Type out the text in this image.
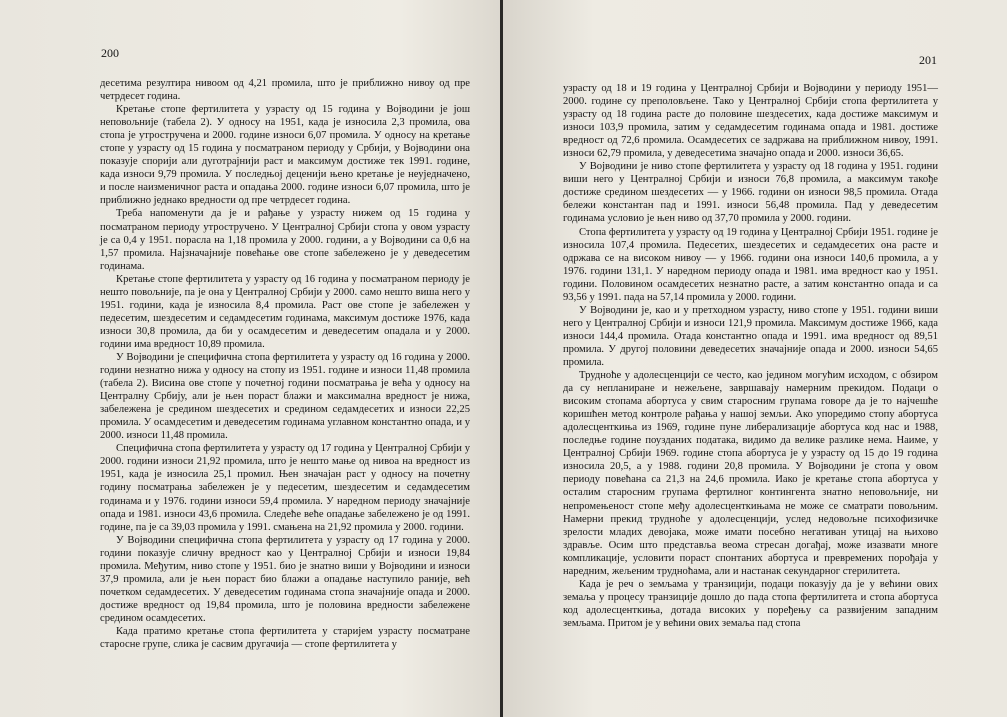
200

десетима резултира нивоом од 4,21 промила, што је приближно нивоу од пре четрдесет година.

Кретање стопе фертилитета у узрасту од 15 година у Војводини је још неповољније (табела 2). У односу на 1951, када је износила 2,3 промила, ова стопа је утростручена и 2000. године износи 6,07 промила. У односу на кретање стопе у узрасту од 15 година у посматраном периоду у Србији, у Војводини она показује спорији али дуготрајнији раст и максимум достиже тек 1991. године, када износи 9,79 промила. У последњој деценији њено кретање је неуједначено, и после наизменичног раста и опадања 2000. године износи 6,07 промила, што је приближно једнако вредности од пре четрдесет година.

Треба напоменути да је и рађање у узрасту нижем од 15 година у посматраном периоду утростручено. У Централној Србији стопа у овом узрасту је са 0,4 у 1951. порасла на 1,18 промила у 2000. години, а у Војводини са 0,6 на 1,57 промила. Најзначајније повећање ове стопе забележено је у деведесетим годинама.

Кретање стопе фертилитета у узрасту од 16 година у посматраном периоду је нешто повољније, па је она у Централној Србији у 2000. само нешто виша него у 1951. години, када је износила 8,4 промила. Раст ове стопе је забележен у педесетим, шездесетим и седамдесетим годинама, максимум достиже 1976, када износи 30,8 промила, да би у осамдесетим и деведесетим опадала и у 2000. години има вредност 10,89 промила.

У Војводини је специфична стопа фертилитета у узрасту од 16 година у 2000. години незнатно нижа у односу на стопу из 1951. године и износи 11,48 промила (табела 2). Висина ове стопе у почетној години посматрања је већа у односу на Централну Србију, али је њен пораст блажи и максимална вредност је нижа, забележена је средином шездесетих и средином седамдесетих и износи 22,25 промила. У осамдесетим и деведесетим годинама углавном константно опада, и у 2000. износи 11,48 промила.

Специфична стопа фертилитета у узрасту од 17 година у Централној Србији у 2000. години износи 21,92 промила, што је нешто мање од нивоа на вредност из 1951, када је износила 25,1 промил. Њен значајан раст у односу на почетну годину посматрања забележен је у педесетим, шездесетим и седамдесетим годинама и у 1976. години износи 59,4 промила. У наредном периоду значајније опада и 1981. износи 43,6 промила. Следеће веће опадање забележено је од 1991. године, па је са 39,03 промила у 1991. смањена на 21,92 промила у 2000. години.

У Војводини специфична стопа фертилитета у узрасту од 17 година у 2000. години показује сличну вредност као у Централној Србији и износи 19,84 промила. Међутим, ниво стопе у 1951. био је знатно виши у Војводини и износи 37,9 промила, али је њен пораст био блажи а опадање наступило раније, већ почетком седамдесетих. У деведесетим годинама стопа значајније опада и 2000. достиже вредност од 19,84 промила, што је половина вредности забележене средином осамдесетих.

Када пратимо кретање стопа фертилитета у старијем узрасту посматране старосне групе, слика је сасвим другачија — стопе фертилитета у

201

узрасту од 18 и 19 година у Централној Србији и Војводини у периоду 1951—2000. године су преполовљене. Тако у Централној Србији стопа фертилитета у узрасту од 18 година расте до половине шездесетих, када достиже максимум и износи 103,9 промила, затим у седамдесетим годинама опада и 1981. достиже вредност од 72,6 промила. Осамдесетих се задржава на приближном нивоу, 1991. износи 62,79 промила, у деведесетима значајно опада и 2000. износи 36,65.

У Војводини је ниво стопе фертилитета у узрасту од 18 година у 1951. години виши него у Централној Србији и износи 76,8 промила, а максимум такође достиже средином шездесетих — у 1966. години он износи 98,5 промила. Отада бележи константан пад и 1991. износи 56,48 промила. Пад у деведесетим годинама условио је њен ниво од 37,70 промила у 2000. години.

Стопа фертилитета у узрасту од 19 година у Централној Србији 1951. године је износила 107,4 промила. Педесетих, шездесетих и седамдесетих она расте и одржава се на високом нивоу — у 1966. години она износи 140,6 промила, а у 1976. години 131,1. У наредном периоду опада и 1981. има вредност као у 1951. години. Половином осамдесетих незнатно расте, а затим константно опада и са 93,56 у 1991. пада на 57,14 промила у 2000. години.

У Војводини је, као и у претходном узрасту, ниво стопе у 1951. години виши него у Централној Србији и износи 121,9 промила. Максимум достиже 1966, када износи 144,4 промила. Отада константно опада и 1991. има вредност од 89,51 промила. У другој половини деведесетих значајније опада и 2000. износи 54,65 промила.

Трудноће у адолесценцији се често, као једином могућим исходом, с обзиром да су непланиране и нежељене, завршавају намерним прекидом. Подаци о високим стопама абортуса у свим старосним групама говоре да је то најчешће коришћен метод контроле рађања у нашој земљи. Ако упоредимо стопу абортуса адолесценткиња из 1969, године пуне либерализације абортуса код нас и 1988, последње године поузданих података, видимо да велике разлике нема. Наиме, у Централној Србији 1969. године стопа абортуса је у узрасту од 15 до 19 година износила 20,5, а у 1988. години 20,8 промила. У Војводини је стопа у овом периоду повећана са 21,3 на 24,6 промила. Иако је кретање стопа абортуса у осталим старосним групама фертилног контингента знатно неповољније, ни непромењеност стопе међу адолесценткињама не може се сматрати повољним. Намерни прекид трудноће у адолесценцији, услед недовољне психофизичке зрелости младих девојака, може имати посебно негативан утицај на њихово здравље. Осим што представља веома стресан догађај, може изазвати многе компликације, условити пораст спонтаних абортуса и превремених порођаја у наредним, жељеним трудноћама, али и настанак секундарног стерилитета.

Када је реч о земљама у транзицији, подаци показују да је у већини ових земаља у процесу транзиције дошло до пада стопа фертилитета и стопа абортуса код адолесценткиња, дотада високих у поређењу са развијеним западним земљама. Притом је у већини ових земаља пад стопа
